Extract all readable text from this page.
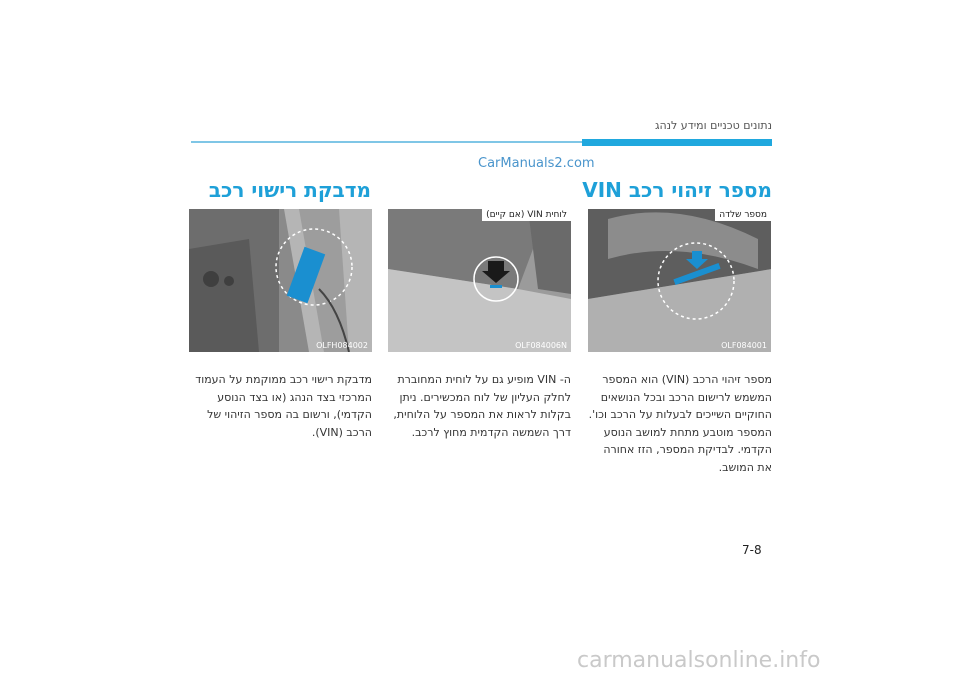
נתונים טכניים ומידע לנהג
CarManuals2.com
מדבקת רישוי רכב	מספר זיהוי רכב VIN
OLFH084002
לוחית VIN (אם קיים)
OLF084006N
מספר שלדה
OLF084001
מדבקת רישוי רכב ממוקמת על העמוד המרכזי בצד הנהג (או בצד הנוסע הקדמי), ורשום בה מספר הזיהוי של הרכב (VIN).
ה- VIN מופיע גם על לוחית המחוברת לחלק העליון של לוח המכשירים. ניתן בקלות לראות את המספר על הלוחית, דרך השמשה הקדמית מחוץ לרכב.
מספר זיהוי הרכב (VIN) הוא המספר המשמש לרישום הרכב ובכל הנושאים החוקיים השייכים לבעלות על הרכב וכו'. המספר מוטבע מתחת למושב הנוסע הקדמי. לבדיקת המספר, הזז אחורה את המושב.
7-8
carmanualsonline.info
